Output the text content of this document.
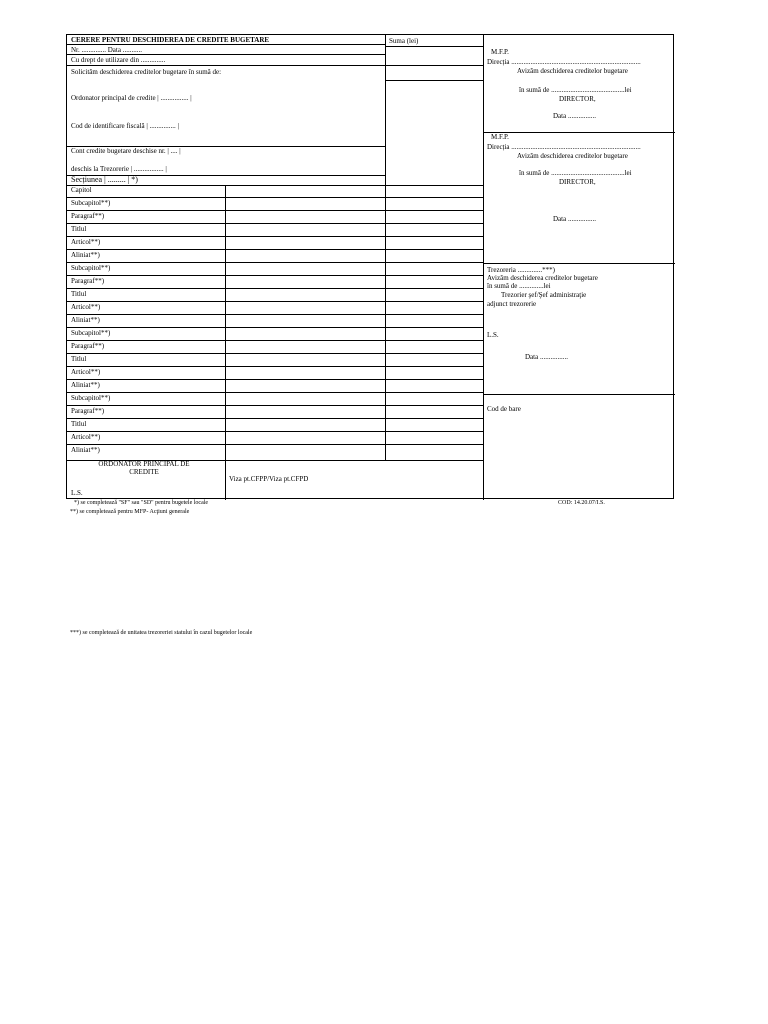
CERERE PENTRU DESCHIDEREA DE CREDITE BUGETARE	Suma (lei)
Nr. .............. Data ...........
Cu drept de utilizare din ..............
Solicităm deschiderea creditelor bugetare în sumă de:
Ordonator principal de credite | ................ |
Cod de identificare fiscală | ............... |
Cont credite bugetare deschise nr. | .... |
deschis la Trezorerie | ................. |
Secțiunea | ......... | *)
Capitol
Subcapitol**)
Paragraf**)
Titlul
Articol**)
Aliniat**)
Subcapitol**)
Paragraf**)
Titlul
Articol**)
Aliniat**)
Subcapitol**)
Paragraf**)
Titlul
Articol**)
Aliniat**)
Subcapitol**)
Paragraf**)
Titlul
Articol**)
Aliniat**)
ORDONATOR PRINCIPAL DE CREDITE
L.S.
Viza pt.CFPP/Viza pt.CFPD
M.F.P.
Direcția ..........................................................................
Avizăm deschiderea creditelor bugetare
în sumă de ..........................................lei
DIRECTOR,
Data ................
M.F.P.
Direcția ..........................................................................
Avizăm deschiderea creditelor bugetare
în sumă de ..........................................lei
DIRECTOR,
Data ................
Trezoreria ..............***)
Avizăm deschiderea creditelor bugetare
în sumă de ..............lei
Trezorier şef/Şef administraţie
adjunct trezorerie
L.S.
Data ................
Cod de bare
*) se completează "SF" sau "SD" pentru bugetele locale
**) se completează pentru MFP- Acţiuni generale
COD: 14.20.07/I.S.
***) se completează de unitatea trezoreriei statului în cazul bugetelor locale
